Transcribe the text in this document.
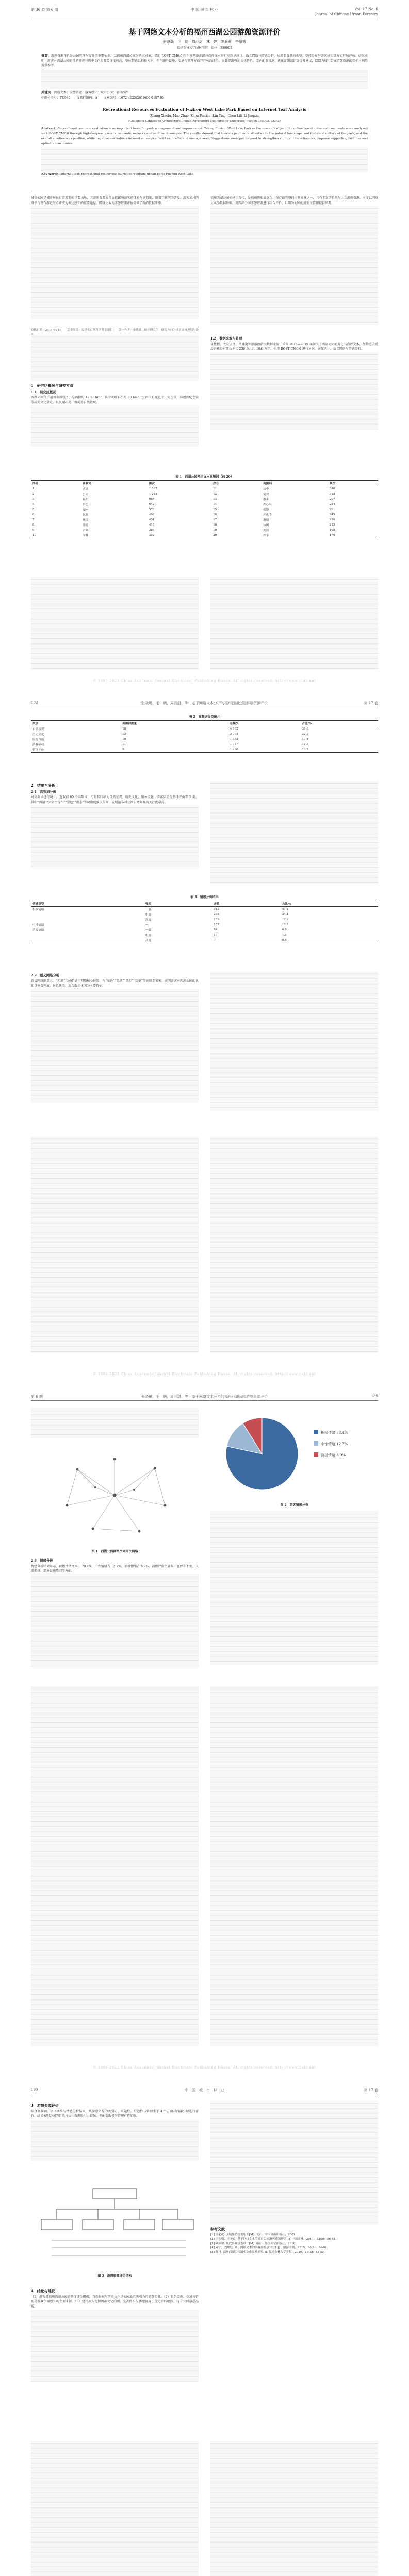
第 36 卷 第 6 期	中 国 城 市 林 业	Vol. 17 No. 6
Journal of Chinese Urban Forestry
基于网络文本分析的福州西湖公园游憩资源评价
张晓璐　毛　朝　周品甜　林　婷　陈莉莉　李景秀
福建农林大学园林学院　福州　350002
摘要：游憩资源评价是公园管理与提升的重要依据。以福州西湖公园为研究对象，借助 ROST CM6.0 软件对网络游记与点评文本进行高频词统计、语义网络与情感分析，从游憩资源的类型、空间分布与游客感知等方面开展评价。结果表明：游客对西湖公园的自然景观与历史文化资源关注度较高，整体情感以积极为主；但在服务设施、交通与管理方面存在负面评价。据此提出强化文化特色、完善配套设施、优化游线组织等提升建议，以期为城市公园游憩资源的保护与利用提供参考。
关键词：网络文本；游憩资源；游客感知；城市公园；福州西湖
中图分类号：TU986　　文献标识码：A　　文章编号：1672-4925(2019)06-0187-05
Recreational Resources Evaluation of Fuzhou West Lake Park Based on Internet Text Analysis
Zhang Xiaolu, Mao Zhao, Zhou Pintian, Lin Ting, Chen Lili, Li Jingxiu
(College of Landscape Architecture, Fujian Agriculture and Forestry University, Fuzhou 350002, China)
Abstract: Recreational resource evaluation is an important basis for park management and improvement. Taking Fuzhou West Lake Park as the research object, the online travel notes and comments were analyzed with ROST CM6.0 through high-frequency words, semantic network and sentiment analysis. The results showed that tourists paid more attention to the natural landscape and historical culture of the park, and the overall emotion was positive, while negative evaluations focused on service facilities, traffic and management. Suggestions were put forward to strengthen cultural characteristics, improve supporting facilities and optimize tour routes.
Key words: internet text; recreational resources; tourist perception; urban park; Fuzhou West Lake

城市公园是城市居民日常游憩的重要场所，其游憩资源质量直接影响游客的体验与满意度。随着互联网的普及，游客通过网络平台发布游记与点评成为表达感知的重要途径，网络文本为游憩资源评价提供了新的数据来源。

收稿日期：2019-04-10　　基金项目：福建省自然科学基金项目　　第一作者：张晓璐，硕士研究生，研究方向为风景园林规划与设

福州西湖公园始建于晋代，是福州历史最悠久、保存最完整的古典园林之一，具有丰富的自然与人文游憩资源。本文以网络文本为数据基础，对西湖公园游憩资源进行综合评价，以期为公园的规划与管理提供参考。

1　研究区概况与研究方法
1.1　研究区概况

西湖公园位于福州市鼓楼区，总面积约 42.51 hm²，其中水域面积约 30 hm²。公园内有开化寺、宛在堂、林则徐纪念馆等历史文化景点，以及湖心岛、柳堤等自然景观。

1.2　数据来源与处理

以携程、大众点评、马蜂窝等旅游网站为数据来源，采集 2015—2019 年间关于西湖公园的游记与点评文本，经筛选去重后共获得有效文本 1 236 条，约 18.6 万字。使用 ROST CM6.0 进行分词、词频统计、语义网络与情感分析。

表 1　西湖公园网络文本高频词（前 20）
序号	高频词	频次	序号	高频词	频次
1	西湖	1 562	11	历史	326
2	公园	1 248	12	免费	318
3	福州	986	13	散步	297
4	景色	642	14	湖心岛	284
5	湖水	573	15	柳堤	261
6	风景	498	16	开化寺	243
7	环境	451	17	游船	226
8	漂亮	417	18	休闲	215
9	古典	389	19	拥挤	198
10	园林	352	20	停车	176
© 1994-2023 China Academic Journal Electronic Publishing House. All rights reserved. http://www.cnki.net
188	张晓璐，毛　朝，周品甜，等：基于网络文本分析的福州西湖公园游憩资源评价	第 17 卷
表 2　高频词分类统计
类别	高频词数量	总频次	占比/%
自然景观	18	4 862	38.6
历史文化	12	2 794	22.2
服务设施	10	1 683	13.4
游客活动	11	1 957	15.5
整体评价	9	1 296	10.3
2　结果与分析
2.1　高频词分析

对高频词进行统计，选取前 60 个高频词，可将其归纳为自然景观、历史文化、服务设施、游客活动与整体评价等 5 类。其中“西湖”“公园”“福州”“景色”“湖水”等词出现频次最高，说明游客对公园自然景观的关注度最高。

表 3　情感分析结果
情感类型	强度	条数	占比/%
积极情绪	一般	512	41.4
	中度	298	24.1
	高度	159	12.9
中性情绪	—	157	12.7
消极情绪	一般	84	6.8
	中度	19	1.5
	高度	7	0.6
2.2　语义网络分析

语义网络图显示，“西湖”“公园”处于网络核心位置，与“景色”“免费”“散步”“历史”等词联系紧密，表明游客对西湖公园的认知以免费开放、景色优美、适合散步休闲为主要特征。

© 1994-2023 China Academic Journal Electronic Publishing House. All rights reserved. http://www.cnki.net
第 6 期	张晓璐，毛　朝，周品甜，等：基于网络文本分析的福州西湖公园游憩资源评价	189
图 1　西湖公园网络文本语义网络
2.3　情感分析

情感分析结果显示，积极情绪文本占 78.4%，中性情绪占 12.7%，消极情绪占 8.9%。消极评价主要集中在停车不便、人流拥挤、部分设施陈旧等方面。

积极情绪 78.4%
中性情绪 12.7%
消极情绪 8.9%
图 2　游客情感分布
© 1994-2023 China Academic Journal Electronic Publishing House. All rights reserved. http://www.cnki.net
190	中　国　城　市　林　业	第 17 卷
3　游憩资源评价

综合高频词、语义网络与情感分析结果，从游憩资源的吸引力、可达性、舒适性与管理水平 4 个方面对西湖公园进行评价，结果表明公园的自然与文化资源吸引力较强，但配套服务与管理有待加强。

图 3　游憩资源评价结构
4　结论与建议

（1）游客对福州西湖公园的整体评价积极，自然景观与历史文化是公园最具吸引力的游憩资源。（2）服务设施、交通及管理是游客负面感知的主要来源。（3）建议深入挖掘闽都文化内涵，完善停车与休憩设施，优化游线组织，提升公园游憩品质。

参考文献
[1] 吴必虎. 区域旅游规划原理[M]. 北京：中国旅游出版社，2001.
[2] 王永明，王美霞. 基于网络文本的城市公园游客感知研究[J]. 中国园林，2017，33(5)：56-61.
[3] 刘滨谊. 现代景观规划设计[M]. 南京：东南大学出版社，2010.
[4] 邓宁，刘耀庭. 基于网络文本的游客旅游感知分析[J]. 旅游学刊，2015，30(6)：84-92.
[5] 陈丹. 福州西湖公园历史文化景观研究[J]. 福建农林大学学报，2016，18(2)：45-50.
